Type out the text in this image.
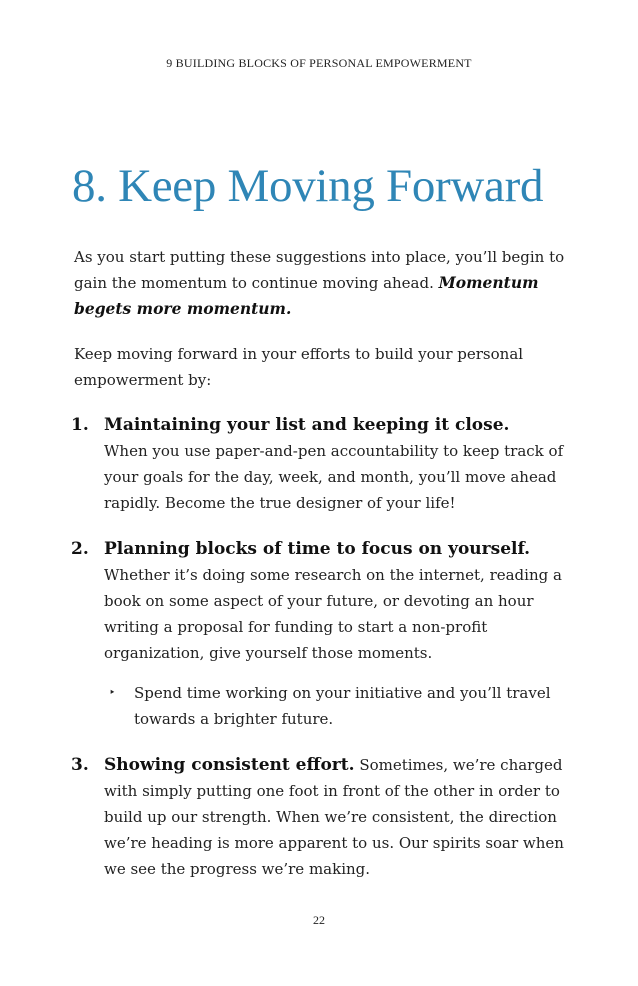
9 BUILDING BLOCKS OF PERSONAL EMPOWERMENT
8. Keep Moving Forward

As you start putting these suggestions into place, you’ll begin to gain the momentum to continue moving ahead. Momentum begets more momentum.

Keep moving forward in your efforts to build your personal empowerment by:

1. Maintaining your list and keeping it close.
When you use paper-and-pen accountability to keep track of your goals for the day, week, and month, you’ll move ahead rapidly. Become the true designer of your life!
2. Planning blocks of time to focus on yourself. Whether it’s doing some research on the internet, reading a book on some aspect of your future, or devoting an hour writing a proposal for funding to start a non-profit organization, give yourself those moments.
‣ Spend time working on your initiative and you’ll travel towards a brighter future.
3. Showing consistent effort. Sometimes, we’re charged with simply putting one foot in front of the other in order to build up our strength. When we’re consistent, the direction we’re heading is more apparent to us. Our spirits soar when we see the progress we’re making.
22
